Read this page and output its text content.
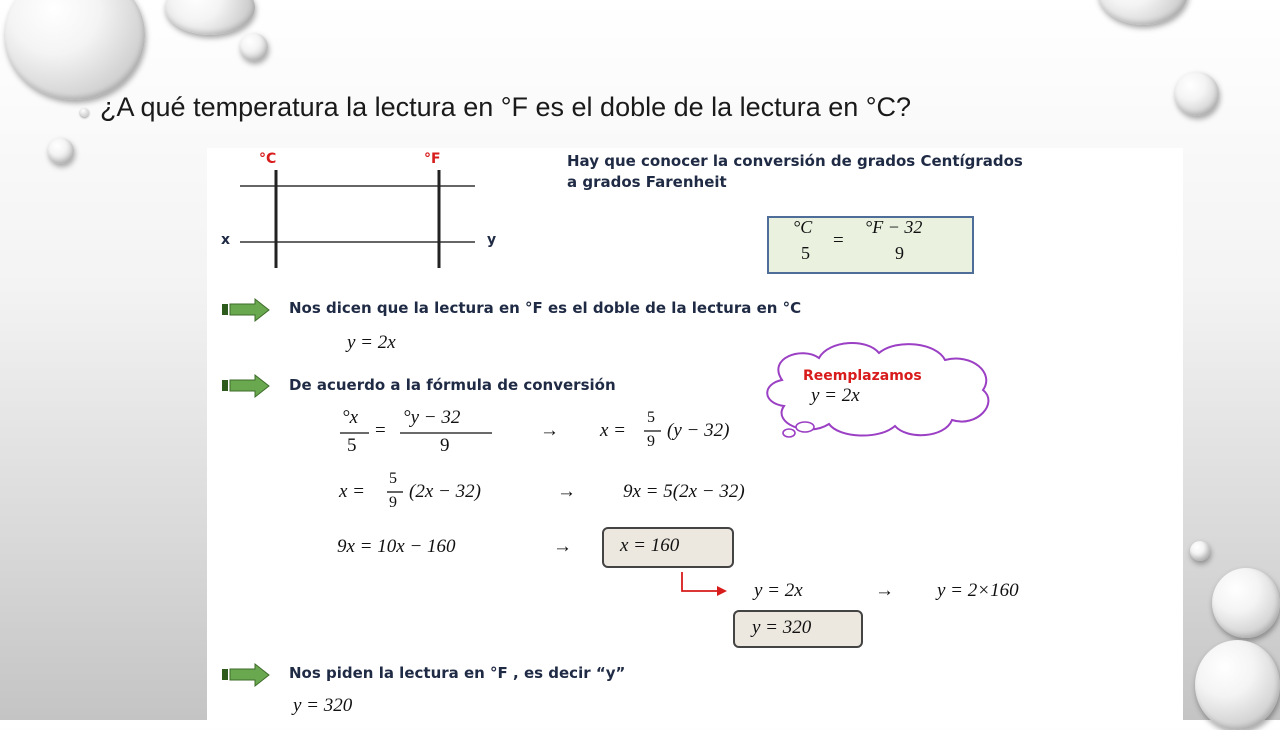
¿A qué temperatura la lectura en °F es el doble de la lectura en °C?
°C	°F
x	y
Hay que conocer la conversión de grados Centígrados
a grados Farenheit
°C
5
=
°F − 32
9
Nos dicen que la lectura en °F es el doble de la lectura en °C
y = 2x
De acuerdo a la fórmula de conversión	Reemplazamos
y = 2x
°x
5
=
°y − 32
9
→ x =
5
9
(y − 32)
x =
5
9
(2x − 32)	→ 9x = 5(2x − 32)
9x = 10x − 160	→	x = 160
y = 2x	→ y = 2×160
y = 320
Nos piden la lectura en °F , es decir “y”
y = 320
